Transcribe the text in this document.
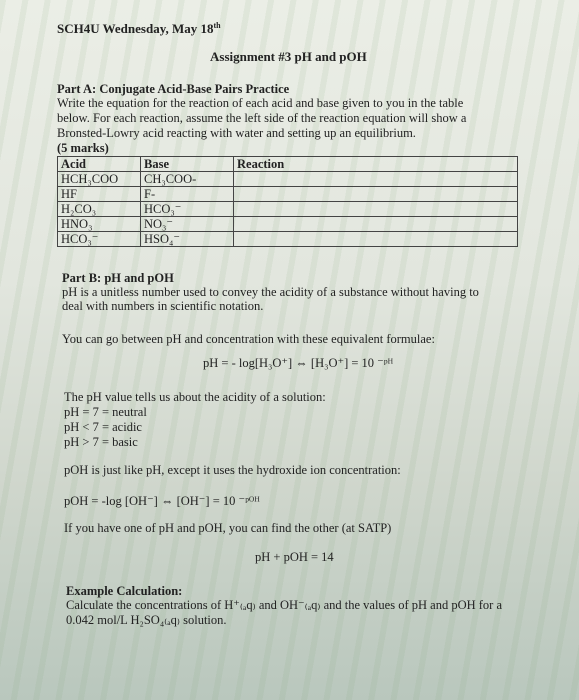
SCH4U Wednesday, May 18th

Assignment #3 pH and pOH

Part A: Conjugate Acid-Base Pairs Practice

Write the equation for the reaction of each acid and base given to you in the table

below. For each reaction, assume the left side of the reaction equation will show a

Bronsted-Lowry acid reacting with water and setting up an equilibrium.

(5 marks)

Acid	Base	Reaction
HCH₃COO	CH₃COO-	
HF	F-	
H₂CO₃	HCO₃⁻	
HNO₃	NO₃⁻	
HCO₃⁻	HSO₄⁻	

Part B: pH and pOH

pH is a unitless number used to convey the acidity of a substance without having to

deal with numbers in scientific notation.

You can go between pH and concentration with these equivalent formulae:

pH = - log[H₃O⁺] ⇔ [H₃O⁺] = 10 ⁻ᵖᴴ

The pH value tells us about the acidity of a solution:

pH = 7 = neutral

pH < 7 = acidic

pH > 7 = basic

pOH is just like pH, except it uses the hydroxide ion concentration:

pOH = -log [OH⁻] ⇔ [OH⁻] = 10 ⁻ᵖᴼᴴ

If you have one of pH and pOH, you can find the other (at SATP)

pH + pOH = 14

Example Calculation:

Calculate the concentrations of H⁺₍ₐq₎ and OH⁻₍ₐq₎ and the values of pH and pOH for a

0.042 mol/L H₂SO₄₍ₐq₎ solution.
